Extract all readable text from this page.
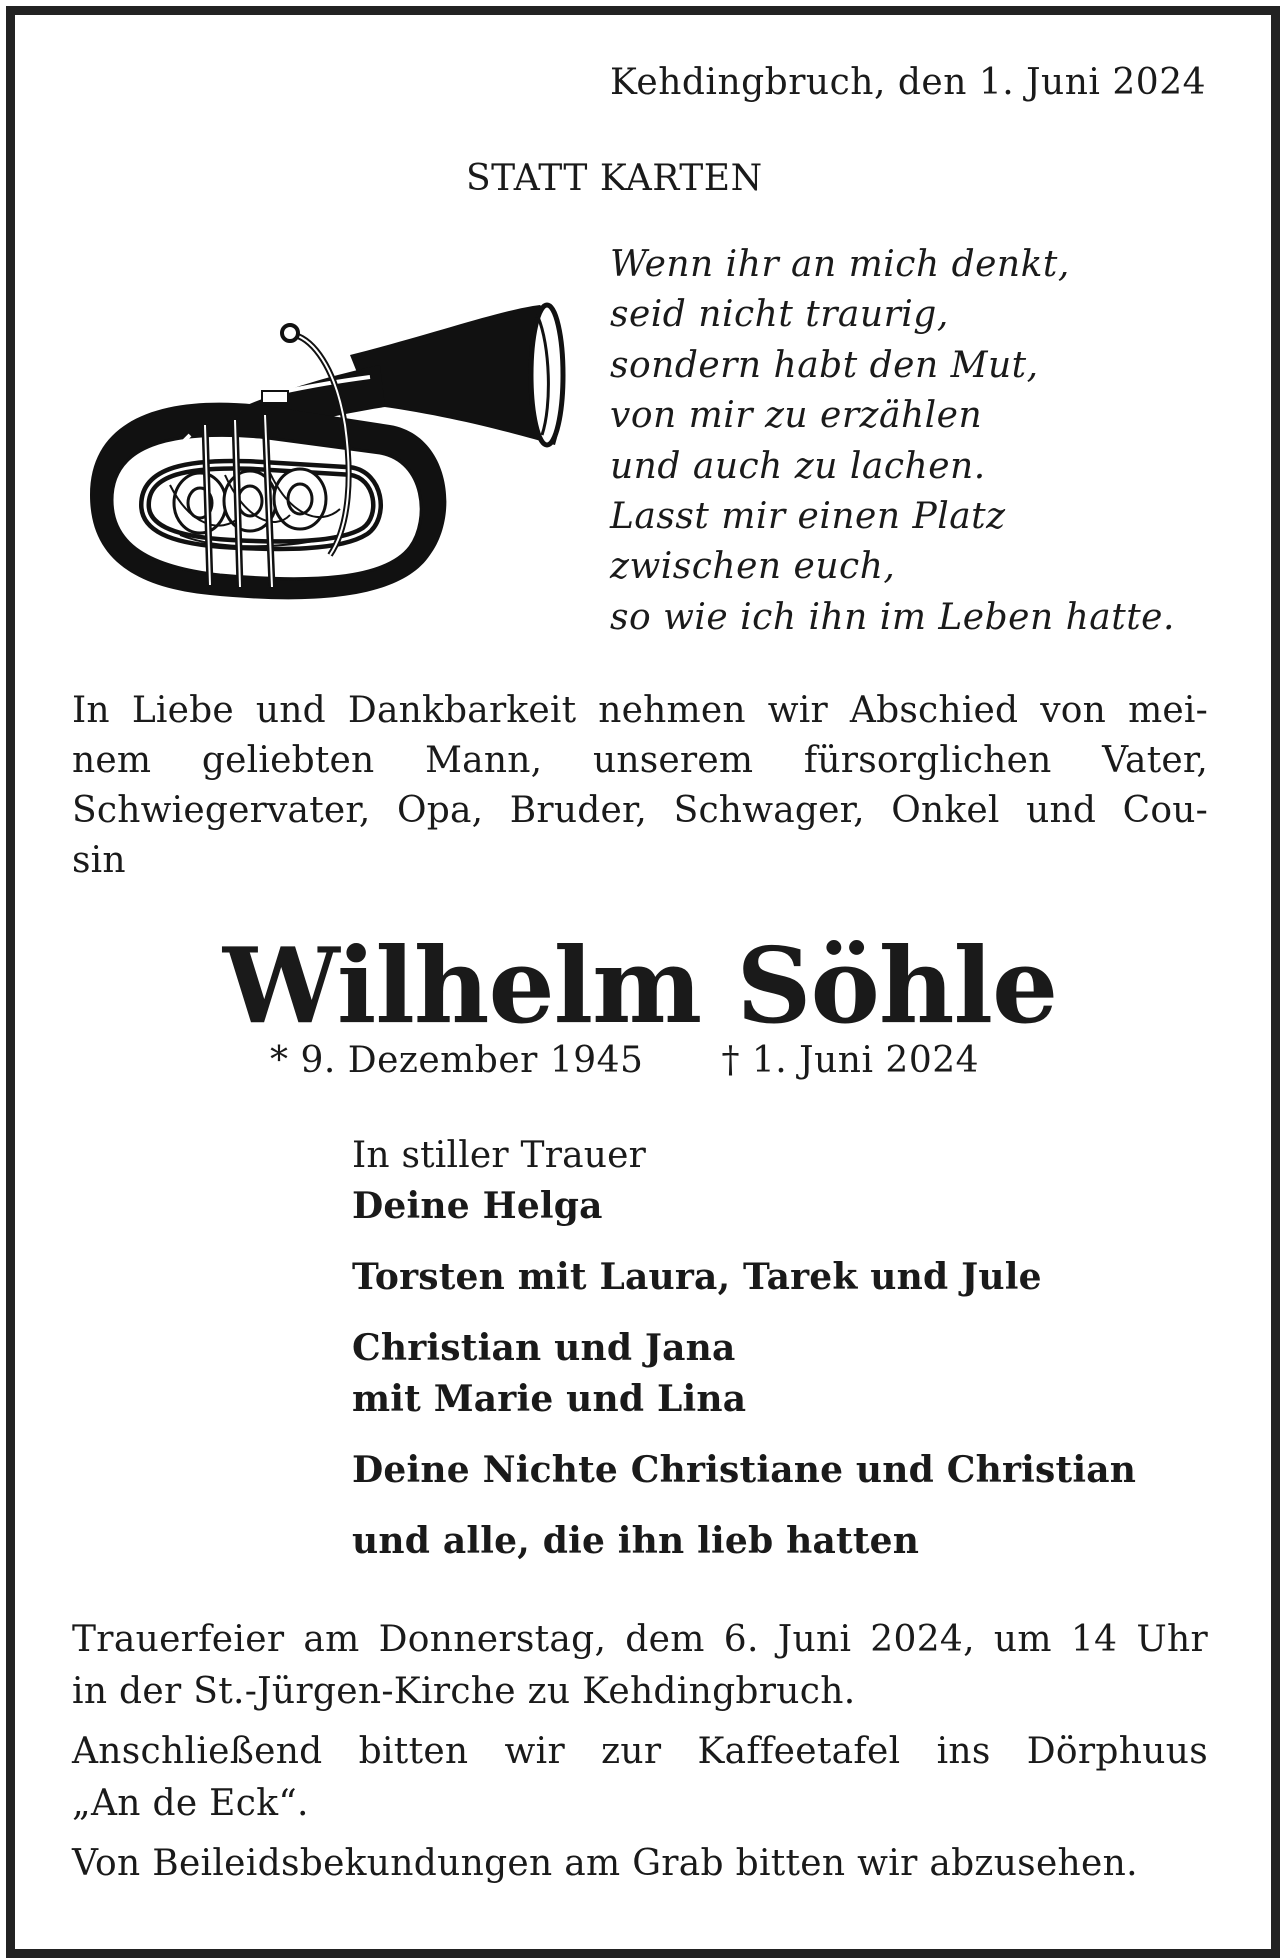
Kehdingbruch, den 1. Juni 2024
STATT KARTEN
Wenn ihr an mich denkt,
seid nicht traurig,
sondern habt den Mut,
von mir zu erzählen
und auch zu lachen.
Lasst mir einen Platz
zwischen euch,
so wie ich ihn im Leben hatte.
In Liebe und Dankbarkeit nehmen wir Abschied von mei-
nem geliebten Mann, unserem fürsorglichen Vater,
Schwiegervater, Opa, Bruder, Schwager, Onkel und Cou-
sin
Wilhelm Söhle
* 9. Dezember 1945 † 1. Juni 2024
In stiller Trauer
Deine Helga
Torsten mit Laura, Tarek und Jule
Christian und Jana
mit Marie und Lina
Deine Nichte Christiane und Christian
und alle, die ihn lieb hatten
Trauerfeier am Donnerstag, dem 6. Juni 2024, um 14 Uhr
in der St.-Jürgen-Kirche zu Kehdingbruch.
Anschließend bitten wir zur Kaffeetafel ins Dörphuus
„An de Eck“.
Von Beileidsbekundungen am Grab bitten wir abzusehen.
